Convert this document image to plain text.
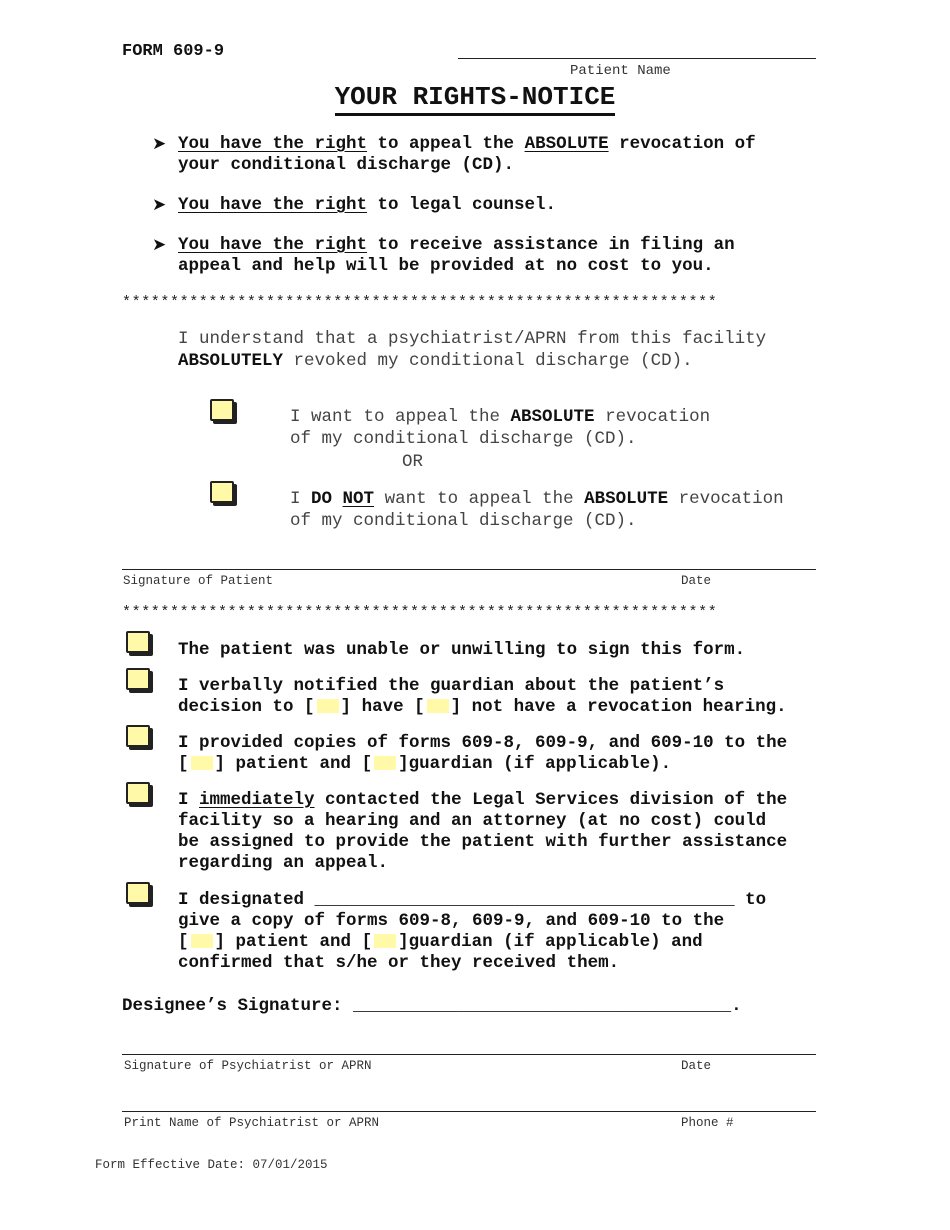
FORM 609-9
Patient Name
YOUR RIGHTS-NOTICE
➤ You have the right to appeal the ABSOLUTE revocation of
your conditional discharge (CD).
➤ You have the right to legal counsel.
➤ You have the right to receive assistance in filing an
appeal and help will be provided at no cost to you.
**************************************************************
I understand that a psychiatrist/APRN from this facility
ABSOLUTELY revoked my conditional discharge (CD).
I want to appeal the ABSOLUTE revocation
of my conditional discharge (CD).
OR
I DO NOT want to appeal the ABSOLUTE revocation
of my conditional discharge (CD).
Signature of Patient	Date
**************************************************************
The patient was unable or unwilling to sign this form.
I verbally notified the guardian about the patient’s
decision to [ ] have [ ] not have a revocation hearing.
I provided copies of forms 609-8, 609-9, and 609-10 to the
[ ] patient and [ ]guardian (if applicable).
I immediately contacted the Legal Services division of the
facility so a hearing and an attorney (at no cost) could
be assigned to provide the patient with further assistance
regarding an appeal.
I designated ________________________________________ to
give a copy of forms 609-8, 609-9, and 609-10 to the
[ ] patient and [ ]guardian (if applicable) and
confirmed that s/he or they received them.
Designee’s Signature: ____________________________________.
Signature of Psychiatrist or APRN	Date
Print Name of Psychiatrist or APRN	Phone #
Form Effective Date: 07/01/2015
